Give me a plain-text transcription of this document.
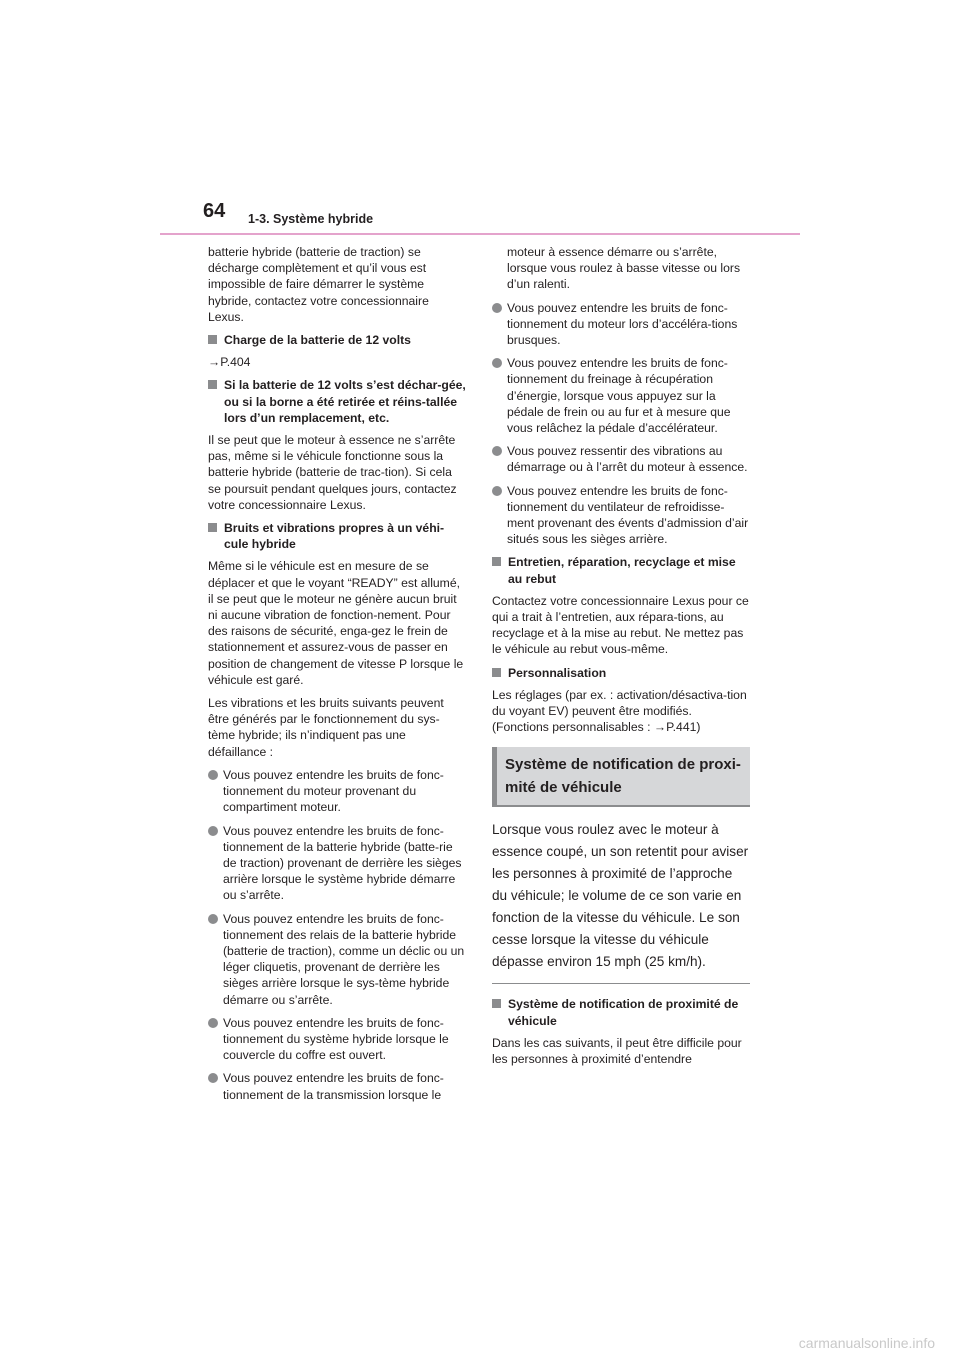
64 1-3. Système hybride

batterie hybride (batterie de traction) se décharge complètement et qu’il vous est impossible de faire démarrer le système hybride, contactez votre concessionnaire Lexus.

Charge de la batterie de 12 volts

→P.404

Si la batterie de 12 volts s’est déchar-gée, ou si la borne a été retirée et réins-tallée lors d’un remplacement, etc.

Il se peut que le moteur à essence ne s’arrête pas, même si le véhicule fonctionne sous la batterie hybride (batterie de trac-tion). Si cela se poursuit pendant quelques jours, contactez votre concessionnaire Lexus.

Bruits et vibrations propres à un véhi-cule hybride

Même si le véhicule est en mesure de se déplacer et que le voyant “READY” est allumé, il se peut que le moteur ne génère aucun bruit ni aucune vibration de fonction-nement. Pour des raisons de sécurité, enga-gez le frein de stationnement et assurez-vous de passer en position de changement de vitesse P lorsque le véhicule est garé.

Les vibrations et les bruits suivants peuvent être générés par le fonctionnement du sys-tème hybride; ils n’indiquent pas une défaillance :

Vous pouvez entendre les bruits de fonc-tionnement du moteur provenant du compartiment moteur.
Vous pouvez entendre les bruits de fonc-tionnement de la batterie hybride (batte-rie de traction) provenant de derrière les sièges arrière lorsque le système hybride démarre ou s’arrête.
Vous pouvez entendre les bruits de fonc-tionnement des relais de la batterie hybride (batterie de traction), comme un déclic ou un léger cliquetis, provenant de derrière les sièges arrière lorsque le sys-tème hybride démarre ou s’arrête.
Vous pouvez entendre les bruits de fonc-tionnement du système hybride lorsque le couvercle du coffre est ouvert.
Vous pouvez entendre les bruits de fonc-tionnement de la transmission lorsque le

moteur à essence démarre ou s’arrête, lorsque vous roulez à basse vitesse ou lors d’un ralenti.

Vous pouvez entendre les bruits de fonc-tionnement du moteur lors d’accéléra-tions brusques.
Vous pouvez entendre les bruits de fonc-tionnement du freinage à récupération d’énergie, lorsque vous appuyez sur la pédale de frein ou au fur et à mesure que vous relâchez la pédale d’accélérateur.
Vous pouvez ressentir des vibrations au démarrage ou à l’arrêt du moteur à essence.
Vous pouvez entendre les bruits de fonc-tionnement du ventilateur de refroidisse-ment provenant des évents d’admission d’air situés sous les sièges arrière.
Entretien, réparation, recyclage et mise au rebut

Contactez votre concessionnaire Lexus pour ce qui a trait à l’entretien, aux répara-tions, au recyclage et à la mise au rebut. Ne mettez pas le véhicule au rebut vous-même.

Personnalisation

Les réglages (par ex. : activation/désactiva-tion du voyant EV) peuvent être modifiés. (Fonctions personnalisables : →P.441)

Système de notification de proxi-mité de véhicule

Lorsque vous roulez avec le moteur à essence coupé, un son retentit pour aviser les personnes à proximité de l’approche du véhicule; le volume de ce son varie en fonction de la vitesse du véhicule. Le son cesse lorsque la vitesse du véhicule dépasse environ 15 mph (25 km/h).

Système de notification de proximité de véhicule

Dans les cas suivants, il peut être difficile pour les personnes à proximité d’entendre

carmanualsonline.info
